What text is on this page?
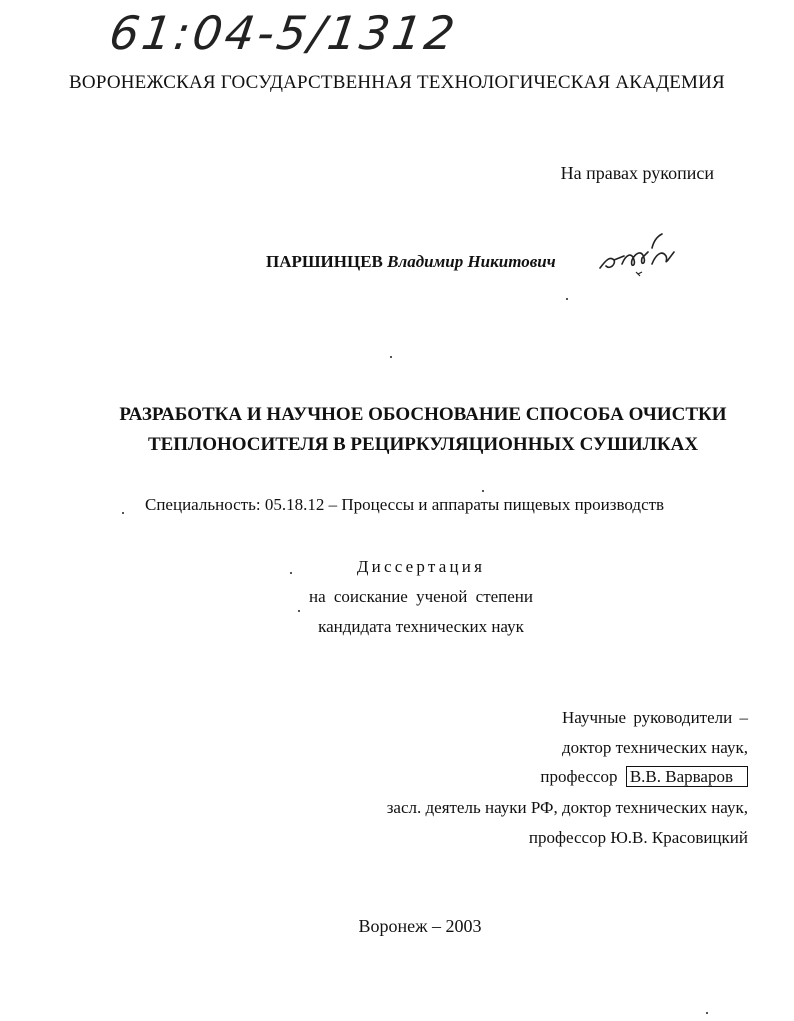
61:04-5/1312
ВОРОНЕЖСКАЯ ГОСУДАРСТВЕННАЯ ТЕХНОЛОГИЧЕСКАЯ АКАДЕМИЯ
На правах рукописи
ПАРШИНЦЕВ Владимир Никитович
РАЗРАБОТКА И НАУЧНОЕ ОБОСНОВАНИЕ СПОСОБА ОЧИСТКИ
ТЕПЛОНОСИТЕЛЯ В РЕЦИРКУЛЯЦИОННЫХ СУШИЛКАХ
Специальность: 05.18.12 – Процессы и аппараты пищевых производств
Диссертация
на соискание ученой степени
кандидата технических наук
Научные руководители –
доктор технических наук,
профессор В.В. Варваров
засл. деятель науки РФ, доктор технических наук,
профессор Ю.В. Красовицкий
Воронеж – 2003
